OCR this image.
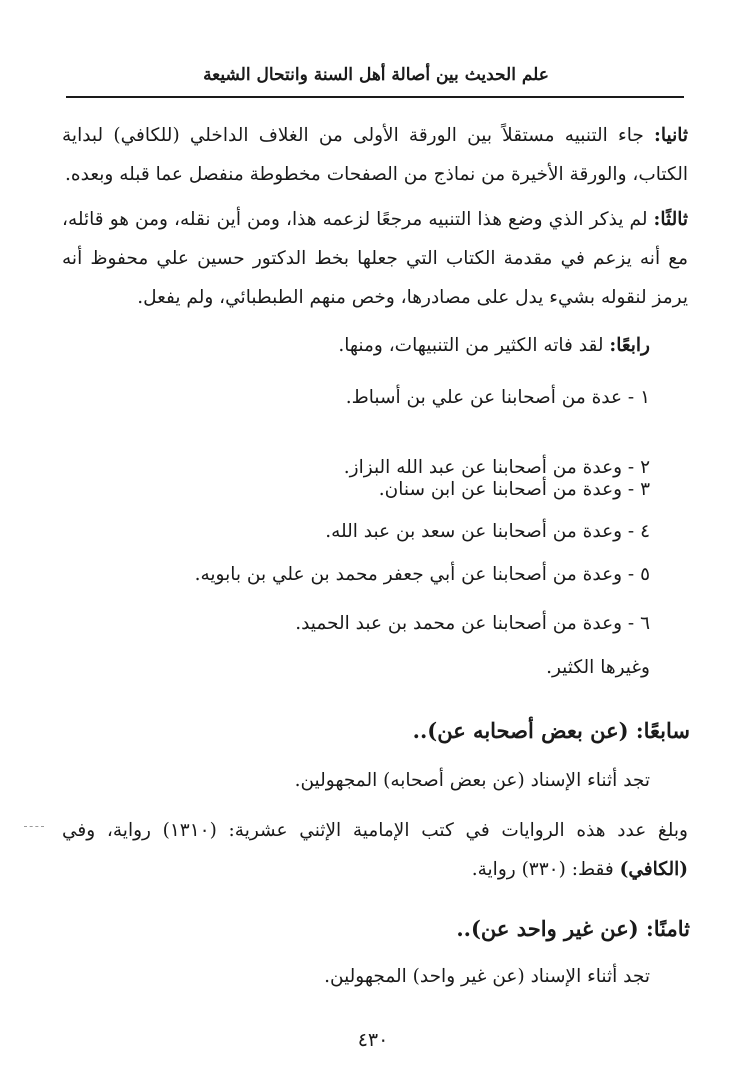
علم الحديث بين أصالة أهل السنة وانتحال الشيعة

ثانيا: جاء التنبيه مستقلاً بين الورقة الأولى من الغلاف الداخلي (للكافي) لبداية الكتاب، والورقة الأخيرة من نماذج من الصفحات مخطوطة منفصل عما قبله وبعده.

ثالثًا: لم يذكر الذي وضع هذا التنبيه مرجعًا لزعمه هذا، ومن أين نقله، ومن هو قائله، مع أنه يزعم في مقدمة الكتاب التي جعلها بخط الدكتور حسين علي محفوظ أنه يرمز لنقوله بشيء يدل على مصادرها، وخص منهم الطبطبائي، ولم يفعل.

رابعًا: لقد فاته الكثير من التنبيهات، ومنها.

١ - عدة من أصحابنا عن علي بن أسباط.
٢ - وعدة من أصحابنا عن عبد الله البزاز.
٣ - وعدة من أصحابنا عن ابن سنان.
٤ - وعدة من أصحابنا عن سعد بن عبد الله.
٥ - وعدة من أصحابنا عن أبي جعفر محمد بن علي بن بابويه.
٦ - وعدة من أصحابنا عن محمد بن عبد الحميد.
وغيرها الكثير.
سابعًا: (عن بعض أصحابه عن)..
تجد أثناء الإسناد (عن بعض أصحابه) المجهولين.

وبلغ عدد هذه الروايات في كتب الإمامية الإثني عشرية: (١٣١٠) رواية، وفي (الكافي) فقط: (٣٣٠) رواية.

ثامنًا: (عن غير واحد عن)..
تجد أثناء الإسناد (عن غير واحد) المجهولين.
٤٣٠
